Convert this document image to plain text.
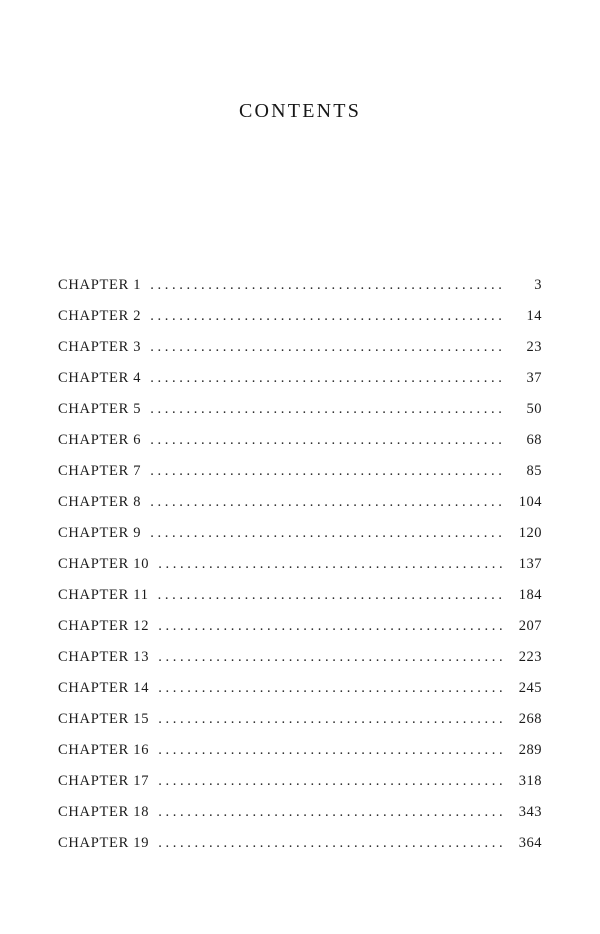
CONTENTS
CHAPTER 1 . . .	3
CHAPTER 2 . . .	14
CHAPTER 3 . . .	23
CHAPTER 4 . . .	37
CHAPTER 5 . . .	50
CHAPTER 6 . . .	68
CHAPTER 7 . . .	85
CHAPTER 8 . . .	104
CHAPTER 9 . . .	120
CHAPTER 10 . . .	137
CHAPTER 11 . . .	184
CHAPTER 12 . . .	207
CHAPTER 13 . . .	223
CHAPTER 14 . . .	245
CHAPTER 15 . . .	268
CHAPTER 16 . . .	289
CHAPTER 17 . . .	318
CHAPTER 18 . . .	343
CHAPTER 19 . . .	364
